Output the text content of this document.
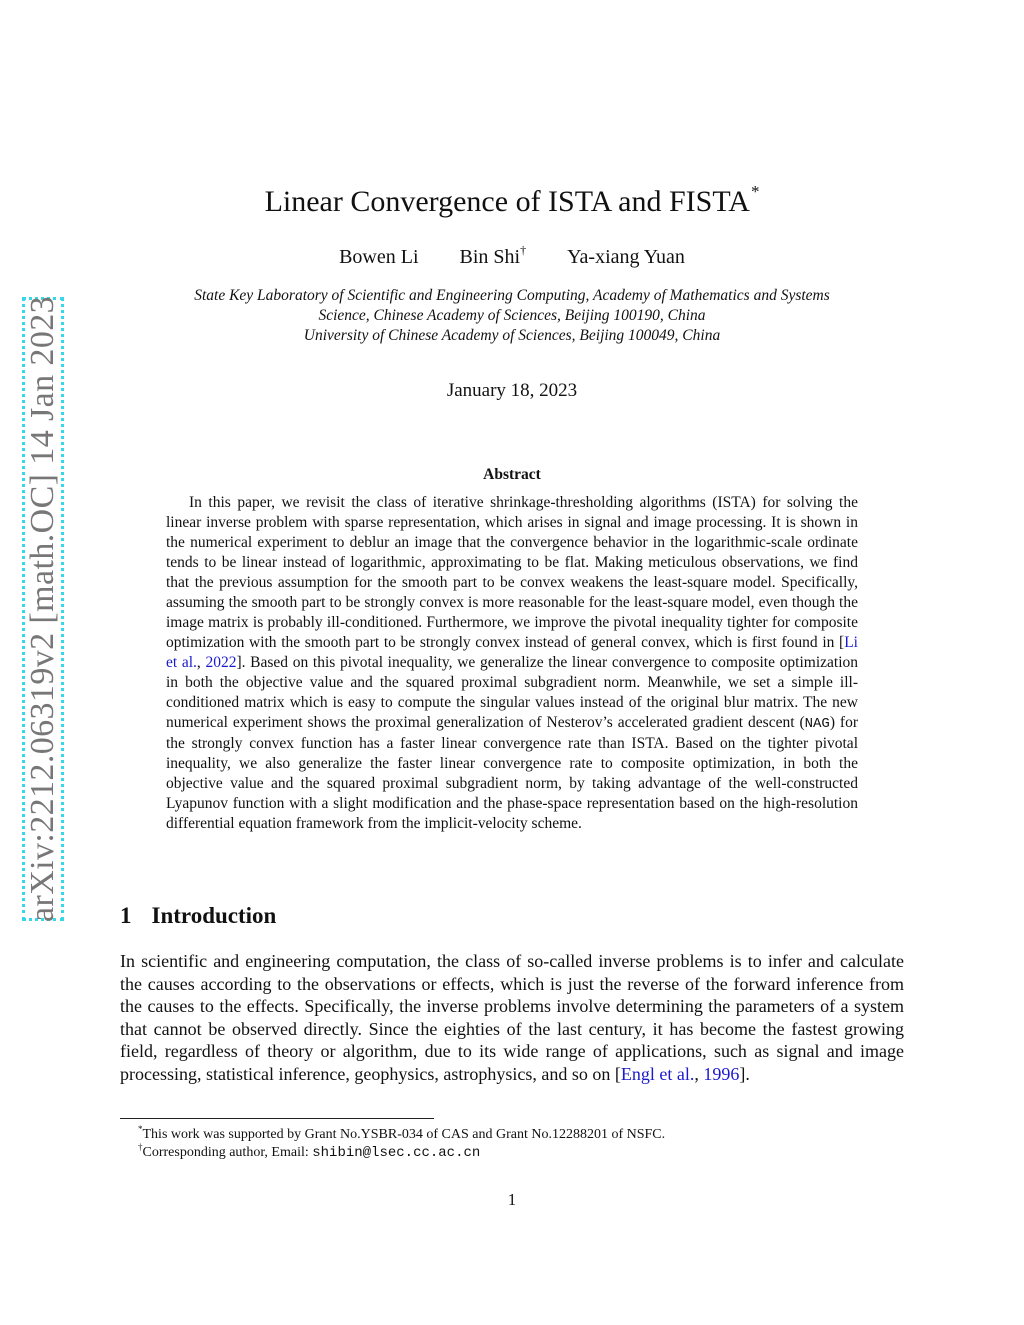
arXiv:2212.06319v2 [math.OC] 14 Jan 2023
Linear Convergence of ISTA and FISTA*
Bowen Li Bin Shi† Ya-xiang Yuan
State Key Laboratory of Scientific and Engineering Computing, Academy of Mathematics and Systems
Science, Chinese Academy of Sciences, Beijing 100190, China
University of Chinese Academy of Sciences, Beijing 100049, China
January 18, 2023
Abstract
In this paper, we revisit the class of iterative shrinkage-thresholding algorithms (ISTA) for solving the linear inverse problem with sparse representation, which arises in signal and image processing. It is shown in the numerical experiment to deblur an image that the convergence behavior in the logarithmic-scale ordinate tends to be linear instead of logarithmic, approximating to be flat. Making meticulous observations, we find that the previous assumption for the smooth part to be convex weakens the least-square model. Specifically, assuming the smooth part to be strongly convex is more reasonable for the least-square model, even though the image matrix is probably ill-conditioned. Furthermore, we improve the pivotal inequality tighter for composite optimization with the smooth part to be strongly convex instead of general convex, which is first found in [Li et al., 2022]. Based on this pivotal inequality, we generalize the linear convergence to composite optimization in both the objective value and the squared proximal subgradient norm. Meanwhile, we set a simple ill-conditioned matrix which is easy to compute the singular values instead of the original blur matrix. The new numerical experiment shows the proximal generalization of Nesterov’s accelerated gradient descent (NAG) for the strongly convex function has a faster linear convergence rate than ISTA. Based on the tighter pivotal inequality, we also generalize the faster linear convergence rate to composite optimization, in both the objective value and the squared proximal subgradient norm, by taking advantage of the well-constructed Lyapunov function with a slight modification and the phase-space representation based on the high-resolution differential equation framework from the implicit-velocity scheme.
1 Introduction
In scientific and engineering computation, the class of so-called inverse problems is to infer and calculate the causes according to the observations or effects, which is just the reverse of the forward inference from the causes to the effects. Specifically, the inverse problems involve determining the parameters of a system that cannot be observed directly. Since the eighties of the last century, it has become the fastest growing field, regardless of theory or algorithm, due to its wide range of applications, such as signal and image processing, statistical inference, geophysics, astrophysics, and so on [Engl et al., 1996].
*This work was supported by Grant No.YSBR-034 of CAS and Grant No.12288201 of NSFC.
†Corresponding author, Email: shibin@lsec.cc.ac.cn
1
